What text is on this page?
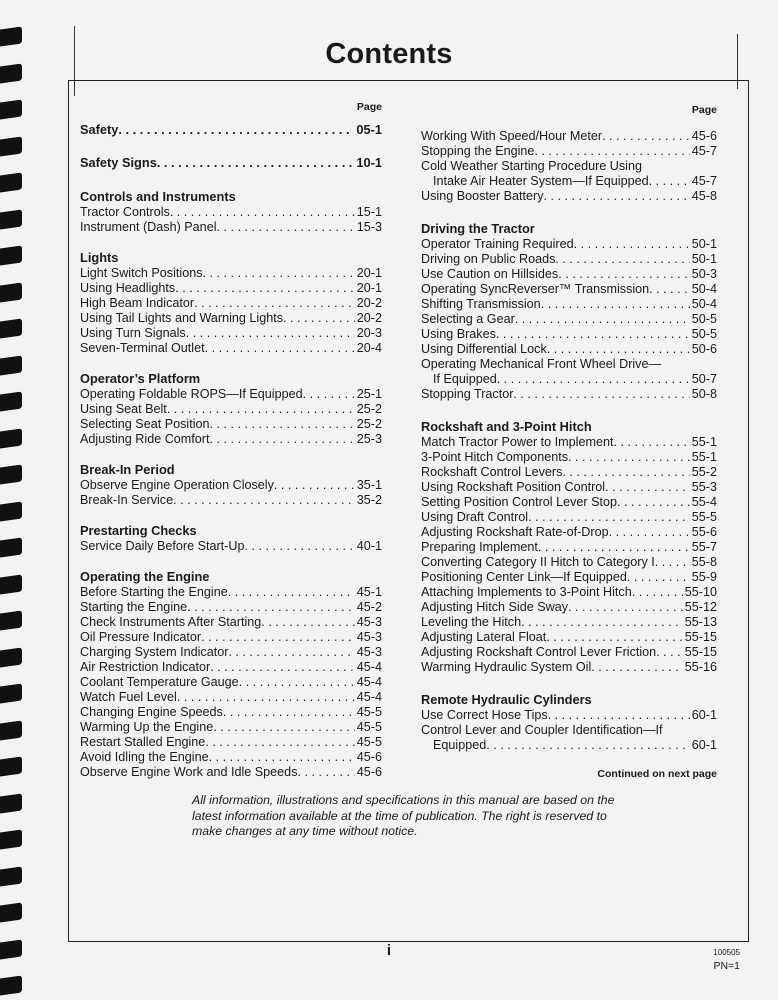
Contents
Page
Safety . . .	05-1
Safety Signs . . .	10-1
Controls and Instruments
Tractor Controls . . .	15-1
Instrument (Dash) Panel . . .	15-3
Lights
Light Switch Positions . . .	20-1
Using Headlights . . .	20-1
High Beam Indicator . . .	20-2
Using Tail Lights and Warning Lights . . .	20-2
Using Turn Signals . . .	20-3
Seven-Terminal Outlet . . .	20-4
Operator’s Platform
Operating Foldable ROPS—If Equipped . . .	25-1
Using Seat Belt . . .	25-2
Selecting Seat Position . . .	25-2
Adjusting Ride Comfort . . .	25-3
Break-In Period
Observe Engine Operation Closely . . .	35-1
Break-In Service . . .	35-2
Prestarting Checks
Service Daily Before Start-Up . . .	40-1
Operating the Engine
Before Starting the Engine . . .	45-1
Starting the Engine . . .	45-2
Check Instruments After Starting . . .	45-3
Oil Pressure Indicator . . .	45-3
Charging System Indicator . . .	45-3
Air Restriction Indicator . . .	45-4
Coolant Temperature Gauge . . .	45-4
Watch Fuel Level . . .	45-4
Changing Engine Speeds . . .	45-5
Warming Up the Engine . . .	45-5
Restart Stalled Engine . . .	45-5
Avoid Idling the Engine . . .	45-6
Observe Engine Work and Idle Speeds . . .	45-6
Page
Working With Speed/Hour Meter . . .	45-6
Stopping the Engine . . .	45-7
Cold Weather Starting Procedure Using
Intake Air Heater System—If Equipped . . .	45-7
Using Booster Battery . . .	45-8
Driving the Tractor
Operator Training Required . . .	50-1
Driving on Public Roads . . .	50-1
Use Caution on Hillsides . . .	50-3
Operating SyncReverser™ Transmission . . .	50-4
Shifting Transmission . . .	50-4
Selecting a Gear . . .	50-5
Using Brakes . . .	50-5
Using Differential Lock . . .	50-6
Operating Mechanical Front Wheel Drive—
If Equipped . . .	50-7
Stopping Tractor . . .	50-8
Rockshaft and 3-Point Hitch
Match Tractor Power to Implement . . .	55-1
3-Point Hitch Components . . .	55-1
Rockshaft Control Levers . . .	55-2
Using Rockshaft Position Control . . .	55-3
Setting Position Control Lever Stop . . .	55-4
Using Draft Control . . .	55-5
Adjusting Rockshaft Rate-of-Drop . . .	55-6
Preparing Implement . . .	55-7
Converting Category II Hitch to Category I . . .	55-8
Positioning Center Link—If Equipped . . .	55-9
Attaching Implements to 3-Point Hitch . . .	55-10
Adjusting Hitch Side Sway . . .	55-12
Leveling the Hitch . . .	55-13
Adjusting Lateral Float . . .	55-15
Adjusting Rockshaft Control Lever Friction . . . 55-15
Warming Hydraulic System Oil . . .	55-16
Remote Hydraulic Cylinders
Use Correct Hose Tips . . .	60-1
Control Lever and Coupler Identification—If
Equipped . . .	60-1
Continued on next page
All information, illustrations and specifications in this manual are based on the latest information available at the time of publication. The right is reserved to make changes at any time without notice.
i	100505
PN=1
